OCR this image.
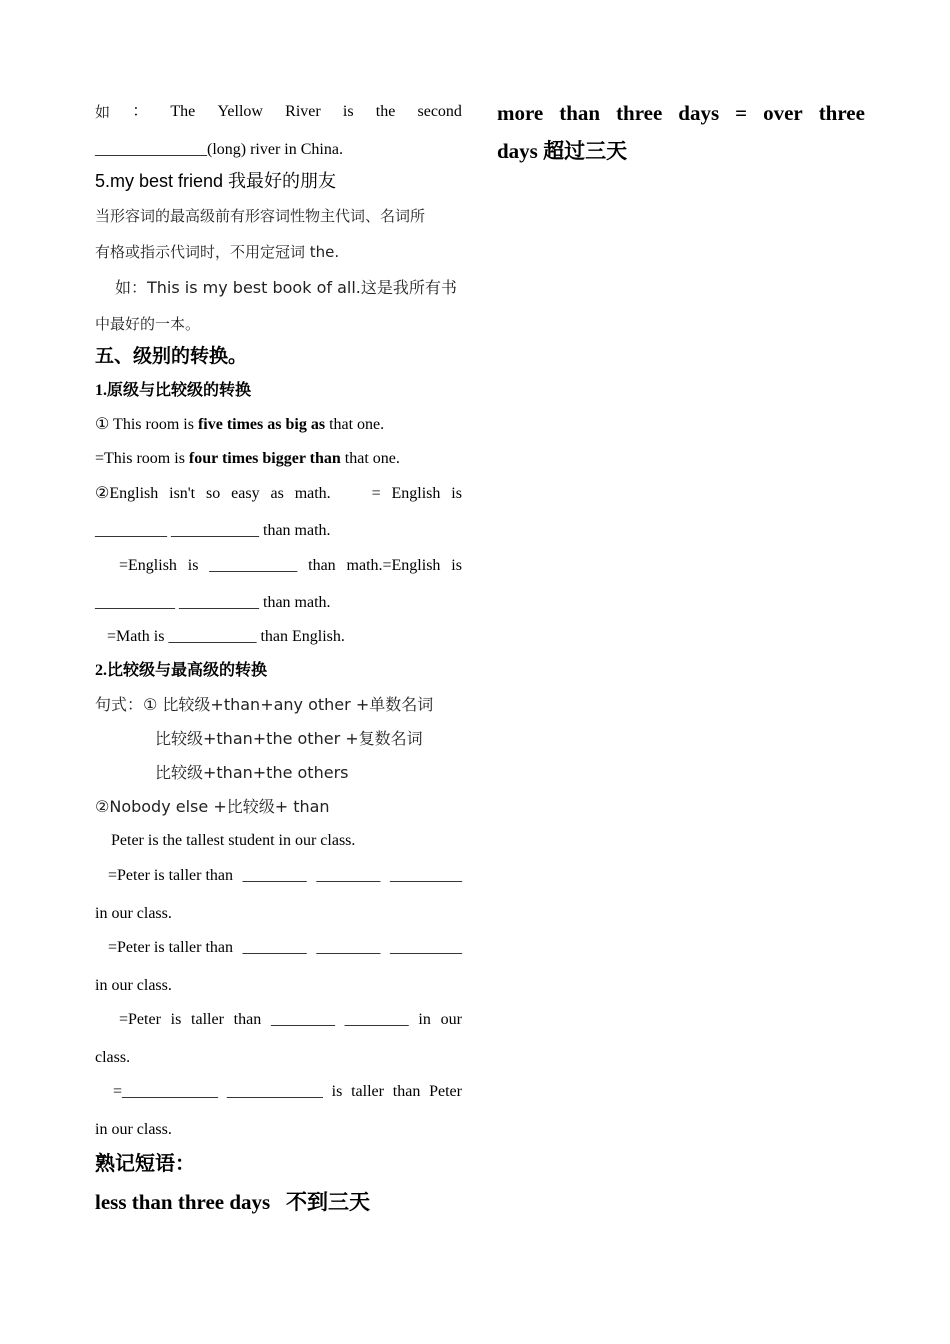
如 ： The Yellow River is the second
______________(long) river in China.
5.my best friend 我最好的朋友
当形容词的最高级前有形容词性物主代词、名词所
有格或指示代词时，不用定冠词 the.
如：This is my best book of all.这是我所有书
中最好的一本。
五、级别的转换。
1.原级与比较级的转换
① This room is five times as big as that one.
=This room is four times bigger than that one.
②English isn't so easy as math.	= English is
_________ ___________ than math.
=English is ___________ than math.=English is
__________ __________ than math.
=Math is ___________ than English.
2.比较级与最高级的转换
句式：① 比较级+than+any other +单数名词
比较级+than+the other +复数名词
比较级+than+the others
②Nobody else +比较级+ than
Peter is the tallest student in our class.
=Peter is taller than ________ ________ _________
in our class.
=Peter is taller than ________ ________ _________
in our class.
=Peter is taller than ________ ________ in our
class.
=____________ ____________ is taller than Peter
in our class.
熟记短语：
less than three days   不到三天
more than three days = over three
days 超过三天
